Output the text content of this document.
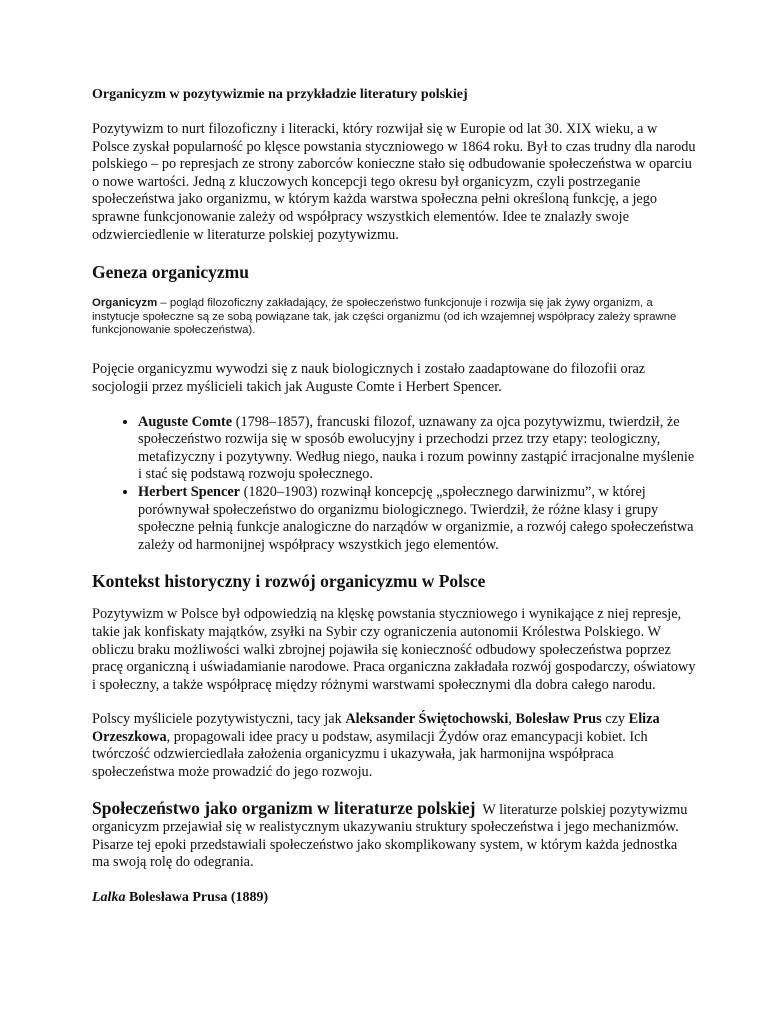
Organicyzm w pozytywizmie na przykładzie literatury polskiej

Pozytywizm to nurt filozoficzny i literacki, który rozwijał się w Europie od lat 30. XIX wieku, a w Polsce zyskał popularność po klęsce powstania styczniowego w 1864 roku. Był to czas trudny dla narodu polskiego – po represjach ze strony zaborców konieczne stało się odbudowanie społeczeństwa w oparciu o nowe wartości. Jedną z kluczowych koncepcji tego okresu był organicyzm, czyli postrzeganie społeczeństwa jako organizmu, w którym każda warstwa społeczna pełni określoną funkcję, a jego sprawne funkcjonowanie zależy od współpracy wszystkich elementów. Idee te znalazły swoje odzwierciedlenie w literaturze polskiej pozytywizmu.

Geneza organicyzmu

Organicyzm – pogląd filozoficzny zakładający, że społeczeństwo funkcjonuje i rozwija się jak żywy organizm, a instytucje społeczne są ze sobą powiązane tak, jak części organizmu (od ich wzajemnej współpracy zależy sprawne funkcjonowanie społeczeństwa).

Pojęcie organicyzmu wywodzi się z nauk biologicznych i zostało zaadaptowane do filozofii oraz socjologii przez myślicieli takich jak Auguste Comte i Herbert Spencer.

• Auguste Comte (1798–1857), francuski filozof, uznawany za ojca pozytywizmu, twierdził, że społeczeństwo rozwija się w sposób ewolucyjny i przechodzi przez trzy etapy: teologiczny, metafizyczny i pozytywny. Według niego, nauka i rozum powinny zastąpić irracjonalne myślenie i stać się podstawą rozwoju społecznego.
• Herbert Spencer (1820–1903) rozwinął koncepcję „społecznego darwinizmu”, w której porównywał społeczeństwo do organizmu biologicznego. Twierdził, że różne klasy i grupy społeczne pełnią funkcje analogiczne do narządów w organizmie, a rozwój całego społeczeństwa zależy od harmonijnej współpracy wszystkich jego elementów.
Kontekst historyczny i rozwój organicyzmu w Polsce

Pozytywizm w Polsce był odpowiedzią na klęskę powstania styczniowego i wynikające z niej represje, takie jak konfiskaty majątków, zsyłki na Sybir czy ograniczenia autonomii Królestwa Polskiego. W obliczu braku możliwości walki zbrojnej pojawiła się konieczność odbudowy społeczeństwa poprzez pracę organiczną i uświadamianie narodowe. Praca organiczna zakładała rozwój gospodarczy, oświatowy i społeczny, a także współpracę między różnymi warstwami społecznymi dla dobra całego narodu.

Polscy myśliciele pozytywistyczni, tacy jak Aleksander Świętochowski, Bolesław Prus czy Eliza Orzeszkowa, propagowali idee pracy u podstaw, asymilacji Żydów oraz emancypacji kobiet. Ich twórczość odzwierciedlała założenia organicyzmu i ukazywała, jak harmonijna współpraca społeczeństwa może prowadzić do jego rozwoju.

Społeczeństwo jako organizm w literaturze polskiej  W literaturze polskiej pozytywizmu organicyzm przejawiał się w realistycznym ukazywaniu struktury społeczeństwa i jego mechanizmów. Pisarze tej epoki przedstawiali społeczeństwo jako skomplikowany system, w którym każda jednostka ma swoją rolę do odegrania.

Lalka Bolesława Prusa (1889)
